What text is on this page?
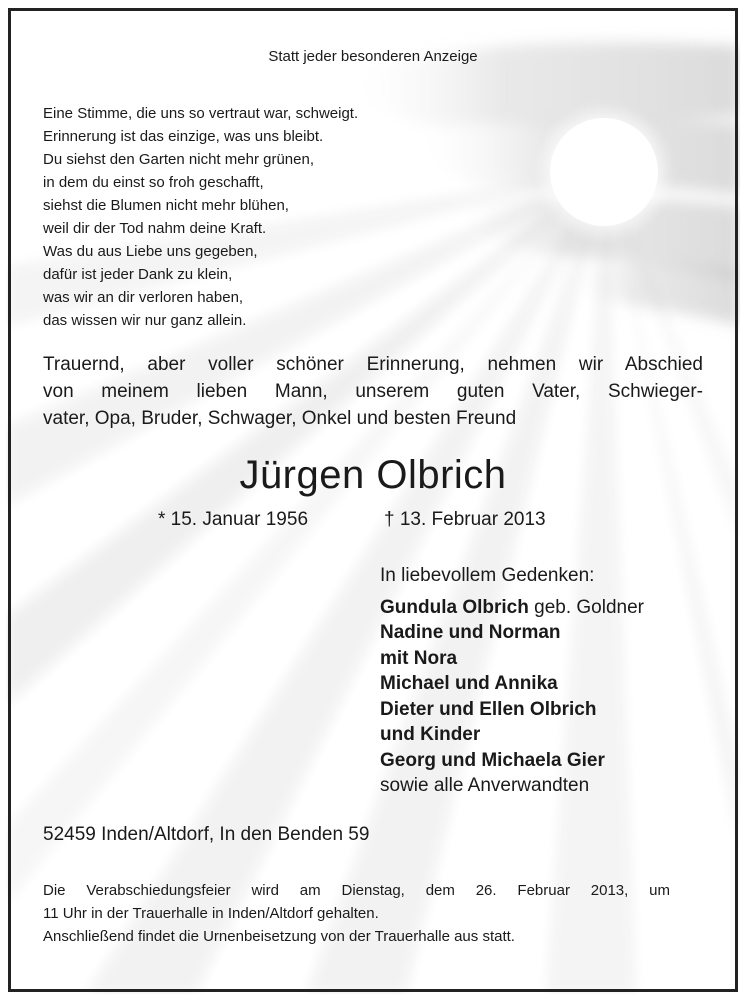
Statt jeder besonderen Anzeige
Eine Stimme, die uns so vertraut war, schweigt.
Erinnerung ist das einzige, was uns bleibt.
Du siehst den Garten nicht mehr grünen,
in dem du einst so froh geschafft,
siehst die Blumen nicht mehr blühen,
weil dir der Tod nahm deine Kraft.
Was du aus Liebe uns gegeben,
dafür ist jeder Dank zu klein,
was wir an dir verloren haben,
das wissen wir nur ganz allein.
Trauernd, aber voller schöner Erinnerung, nehmen wir Abschied
von meinem lieben Mann, unserem guten Vater, Schwieger-
vater, Opa, Bruder, Schwager, Onkel und besten Freund
Jürgen Olbrich
* 15. Januar 1956	† 13. Februar 2013
In liebevollem Gedenken:
Gundula Olbrich geb. Goldner
Nadine und Norman
mit Nora
Michael und Annika
Dieter und Ellen Olbrich
und Kinder
Georg und Michaela Gier
sowie alle Anverwandten
52459 Inden/Altdorf, In den Benden 59
Die Verabschiedungsfeier wird am Dienstag, dem 26. Februar 2013, um
11 Uhr in der Trauerhalle in Inden/Altdorf gehalten.
Anschließend findet die Urnenbeisetzung von der Trauerhalle aus statt.
